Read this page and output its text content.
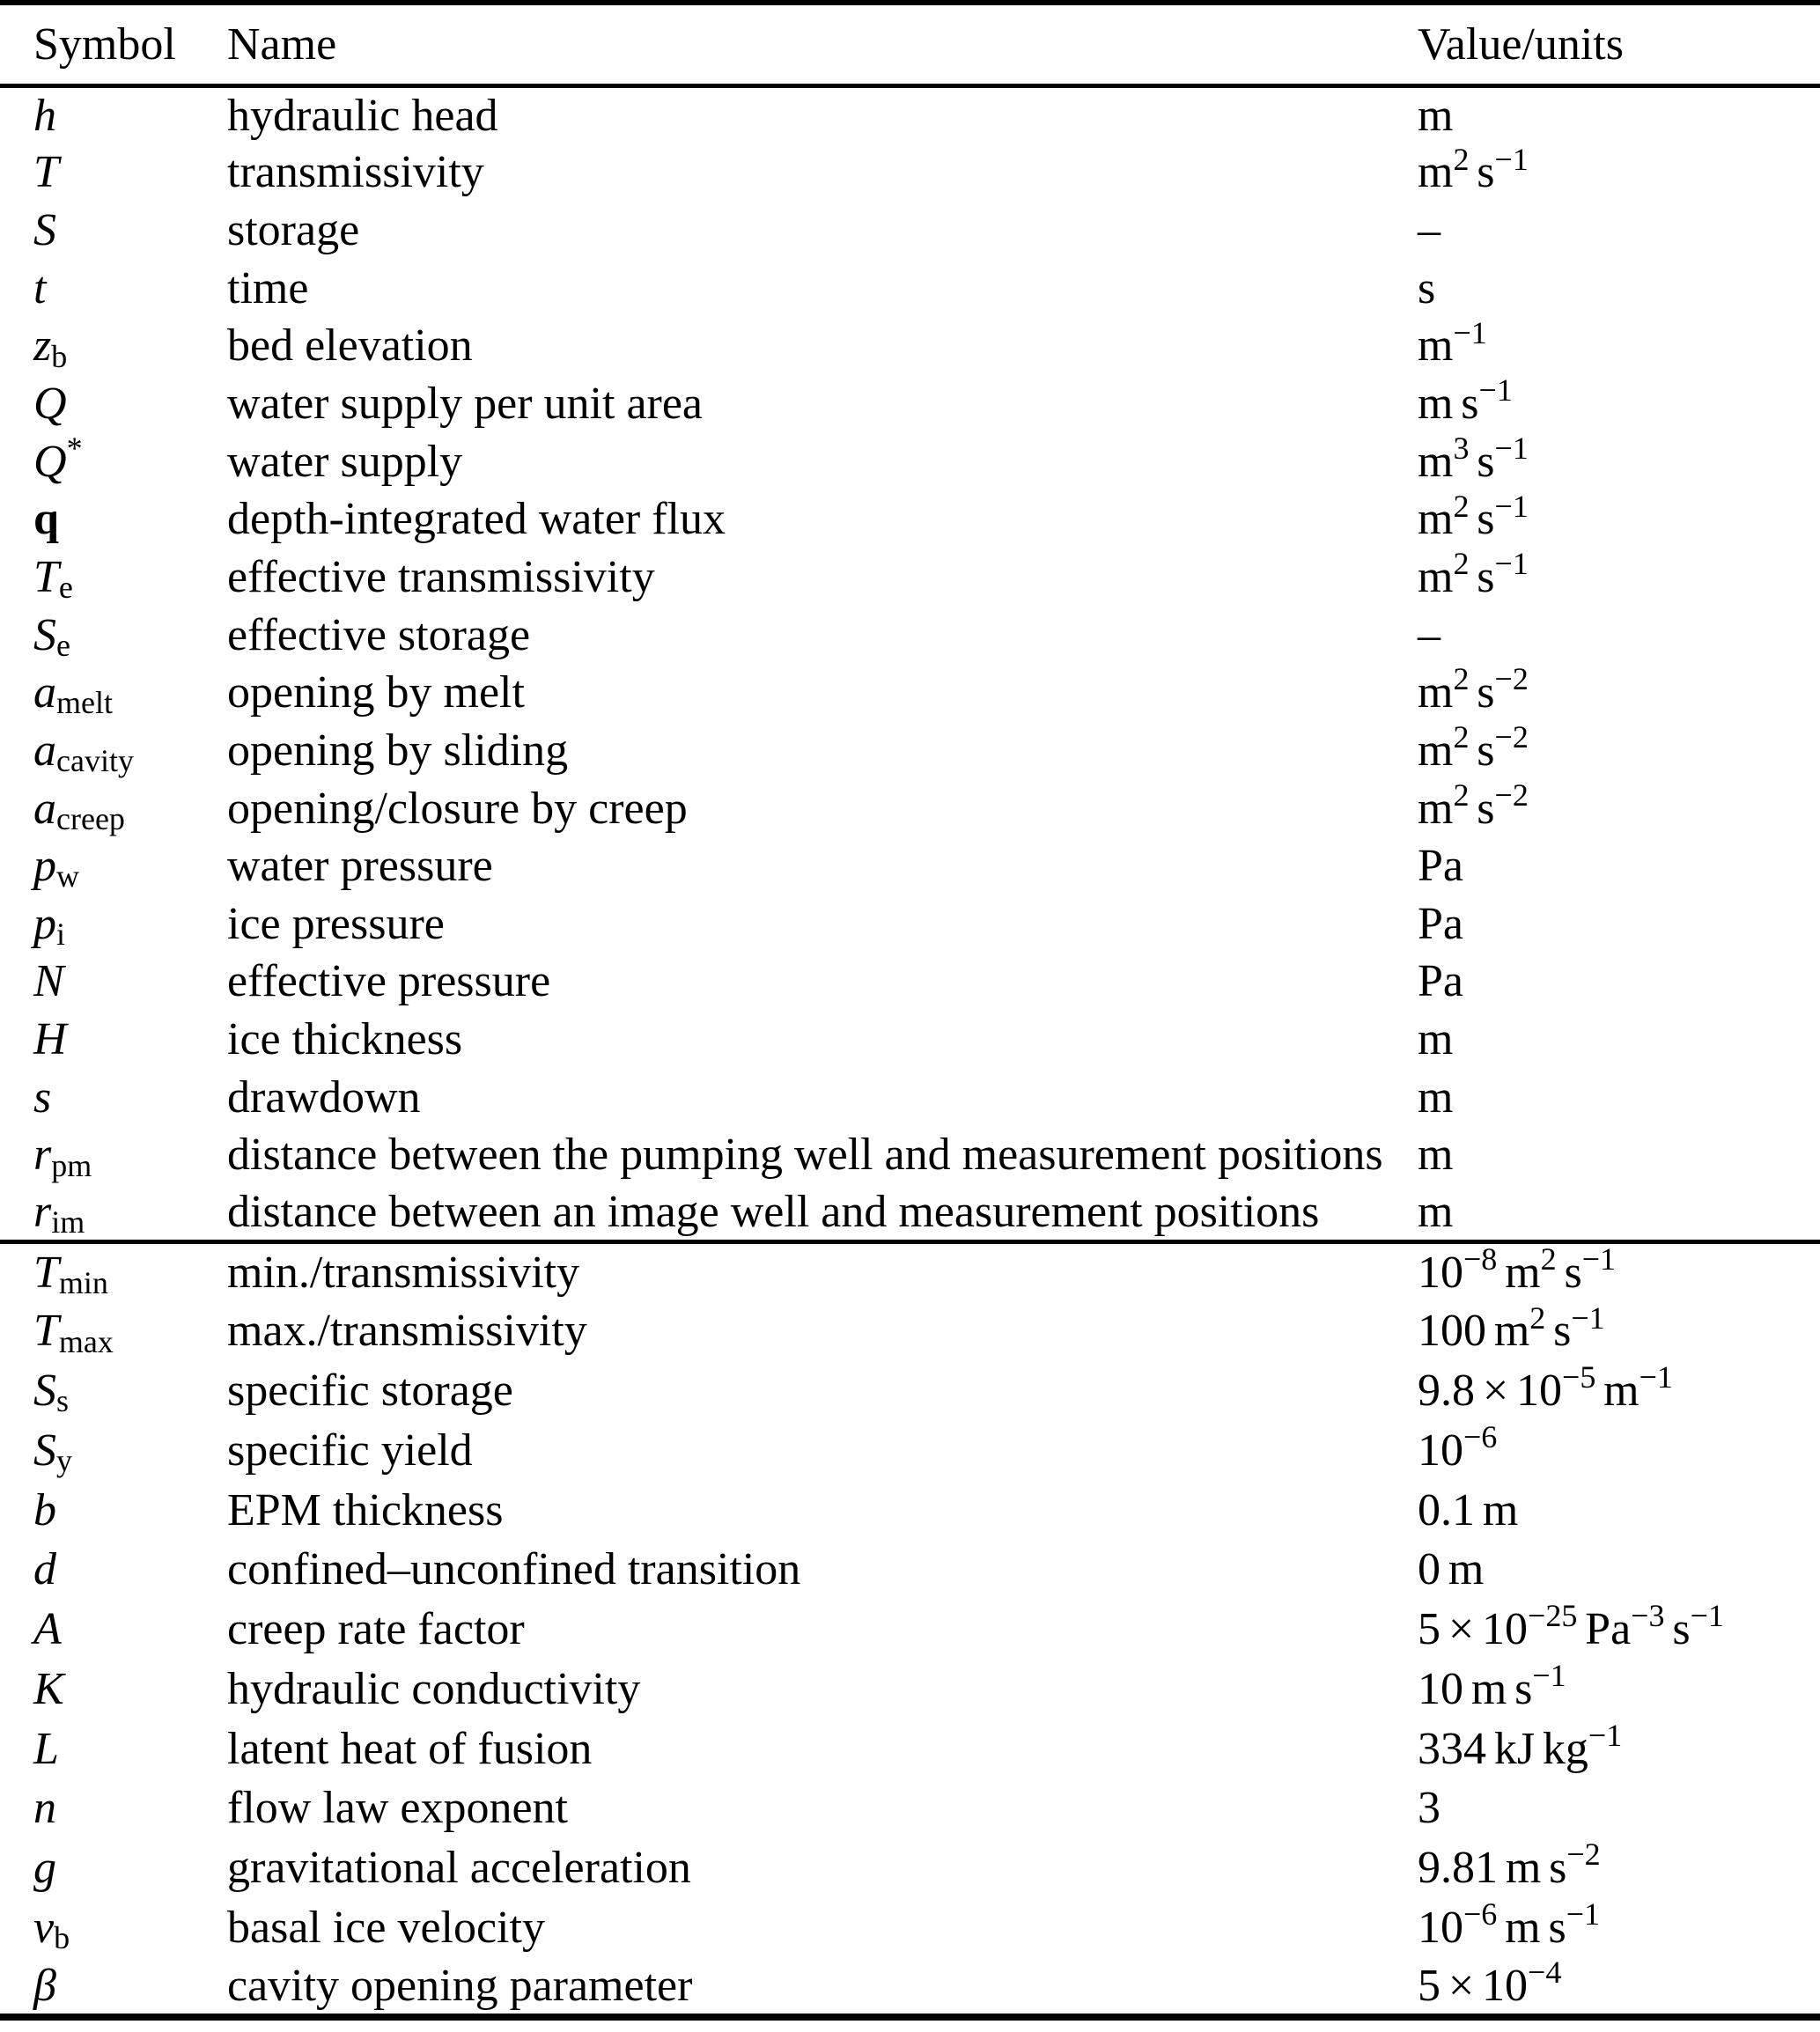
Symbol	Name	Value/units
h	hydraulic head	m
T	transmissivity	$m^2$ $s^{-1}$
S	storage	–
t	time	s
$z_b$	bed elevation	$m^{-1}$
Q	water supply per unit area	m $s^{-1}$
Q*	water supply	$m^3$ $s^{-1}$
q	depth-integrated water flux	$m^2$ $s^{-1}$
$T_e$	effective transmissivity	$m^2$ $s^{-1}$
$S_e$	effective storage	–
$a_{melt}$	opening by melt	$m^2$ $s^{-2}$
$a_{cavity}$	opening by sliding	$m^2$ $s^{-2}$
$a_{creep}$	opening/closure by creep	$m^2$ $s^{-2}$
$p_w$	water pressure	Pa
$p_i$	ice pressure	Pa
N	effective pressure	Pa
H	ice thickness	m
s	drawdown	m
$r_{pm}$	distance between the pumping well and measurement positions	m
$r_{im}$	distance between an image well and measurement positions	m
$T_{min}$	min./transmissivity	$10^{-8}$ $m^2$ $s^{-1}$
$T_{max}$	max./transmissivity	100 $m^2$ $s^{-1}$
$S_s$	specific storage	$9.8 \times 10^{-5}$ $m^{-1}$
$S_y$	specific yield	$10^{-6}$
b	EPM thickness	0.1 m
d	confined–unconfined transition	0 m
A	creep rate factor	$5 \times 10^{-25}$ $Pa^{-3}$ $s^{-1}$
K	hydraulic conductivity	10 m $s^{-1}$
L	latent heat of fusion	334 kJ $kg^{-1}$
n	flow law exponent	3
g	gravitational acceleration	9.81 m $s^{-2}$
$v_b$	basal ice velocity	$10^{-6}$ m $s^{-1}$
β	cavity opening parameter	$5 \times 10^{-4}$
